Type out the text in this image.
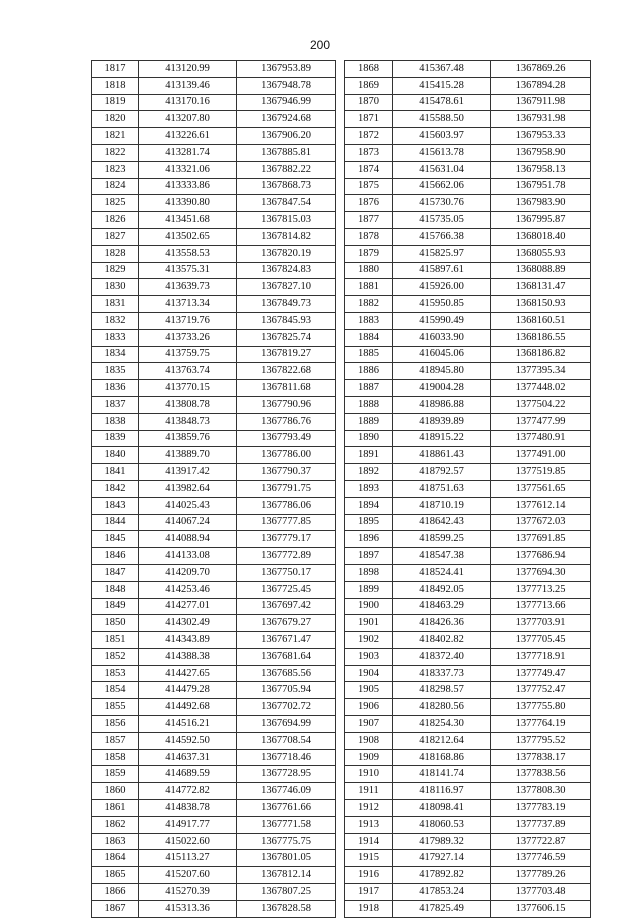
200
1817	413120.99	1367953.89
1818	413139.46	1367948.78
1819	413170.16	1367946.99
1820	413207.80	1367924.68
1821	413226.61	1367906.20
1822	413281.74	1367885.81
1823	413321.06	1367882.22
1824	413333.86	1367868.73
1825	413390.80	1367847.54
1826	413451.68	1367815.03
1827	413502.65	1367814.82
1828	413558.53	1367820.19
1829	413575.31	1367824.83
1830	413639.73	1367827.10
1831	413713.34	1367849.73
1832	413719.76	1367845.93
1833	413733.26	1367825.74
1834	413759.75	1367819.27
1835	413763.74	1367822.68
1836	413770.15	1367811.68
1837	413808.78	1367790.96
1838	413848.73	1367786.76
1839	413859.76	1367793.49
1840	413889.70	1367786.00
1841	413917.42	1367790.37
1842	413982.64	1367791.75
1843	414025.43	1367786.06
1844	414067.24	1367777.85
1845	414088.94	1367779.17
1846	414133.08	1367772.89
1847	414209.70	1367750.17
1848	414253.46	1367725.45
1849	414277.01	1367697.42
1850	414302.49	1367679.27
1851	414343.89	1367671.47
1852	414388.38	1367681.64
1853	414427.65	1367685.56
1854	414479.28	1367705.94
1855	414492.68	1367702.72
1856	414516.21	1367694.99
1857	414592.50	1367708.54
1858	414637.31	1367718.46
1859	414689.59	1367728.95
1860	414772.82	1367746.09
1861	414838.78	1367761.66
1862	414917.77	1367771.58
1863	415022.60	1367775.75
1864	415113.27	1367801.05
1865	415207.60	1367812.14
1866	415270.39	1367807.25
1867	415313.36	1367828.58
1868	415367.48	1367869.26
1869	415415.28	1367894.28
1870	415478.61	1367911.98
1871	415588.50	1367931.98
1872	415603.97	1367953.33
1873	415613.78	1367958.90
1874	415631.04	1367958.13
1875	415662.06	1367951.78
1876	415730.76	1367983.90
1877	415735.05	1367995.87
1878	415766.38	1368018.40
1879	415825.97	1368055.93
1880	415897.61	1368088.89
1881	415926.00	1368131.47
1882	415950.85	1368150.93
1883	415990.49	1368160.51
1884	416033.90	1368186.55
1885	416045.06	1368186.82
1886	418945.80	1377395.34
1887	419004.28	1377448.02
1888	418986.88	1377504.22
1889	418939.89	1377477.99
1890	418915.22	1377480.91
1891	418861.43	1377491.00
1892	418792.57	1377519.85
1893	418751.63	1377561.65
1894	418710.19	1377612.14
1895	418642.43	1377672.03
1896	418599.25	1377691.85
1897	418547.38	1377686.94
1898	418524.41	1377694.30
1899	418492.05	1377713.25
1900	418463.29	1377713.66
1901	418426.36	1377703.91
1902	418402.82	1377705.45
1903	418372.40	1377718.91
1904	418337.73	1377749.47
1905	418298.57	1377752.47
1906	418280.56	1377755.80
1907	418254.30	1377764.19
1908	418212.64	1377795.52
1909	418168.86	1377838.17
1910	418141.74	1377838.56
1911	418116.97	1377808.30
1912	418098.41	1377783.19
1913	418060.53	1377737.89
1914	417989.32	1377722.87
1915	417927.14	1377746.59
1916	417892.82	1377789.26
1917	417853.24	1377703.48
1918	417825.49	1377606.15
